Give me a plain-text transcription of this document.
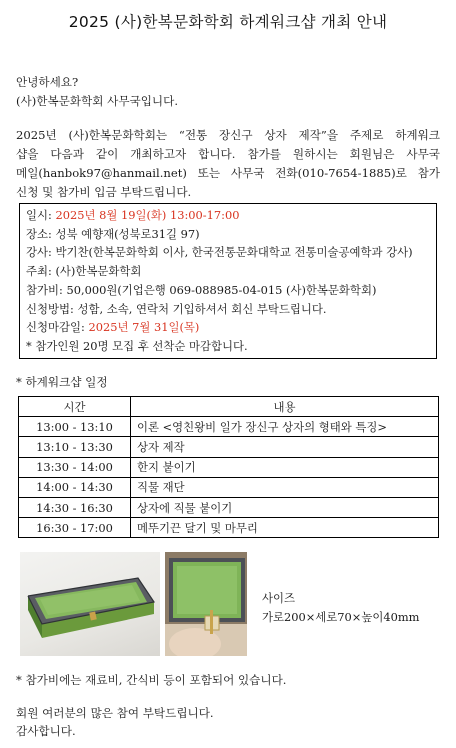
2025 (사)한복문화학회 하계워크샵 개최 안내
안녕하세요?
(사)한복문화학회 사무국입니다.
2025년 (사)한복문화학회는 “전통 장신구 상자 제작”을 주제로 하계워크
샵을 다음과 같이 개최하고자 합니다. 참가를 원하시는 회원님은 사무국
메일(hanbok97@hanmail.net) 또는 사무국 전화(010-7654-1885)로 참가
신청 및 참가비 입금 부탁드립니다.
일시: 2025년 8월 19일(화) 13:00-17:00
장소: 성북 예향재(성북로31길 97)
강사: 박기찬(한복문화학회 이사, 한국전통문화대학교 전통미술공예학과 강사)
주최: (사)한복문화학회
참가비: 50,000원(기업은행 069-088985-04-015 (사)한복문화학회)
신청방법: 성함, 소속, 연락처 기입하셔서 회신 부탁드립니다.
신청마감일: 2025년 7월 31일(목)
* 참가인원 20명 모집 후 선착순 마감합니다.
* 하계워크샵 일정
시간	내용
13:00 - 13:10	이론 <영친왕비 일가 장신구 상자의 형태와 특징>
13:10 - 13:30	상자 제작
13:30 - 14:00	한지 붙이기
14:00 - 14:30	직물 재단
14:30 - 16:30	상자에 직물 붙이기
16:30 - 17:00	메뚜기끈 달기 및 마무리
사이즈
가로200×세로70×높이40mm
* 참가비에는 재료비, 간식비 등이 포함되어 있습니다.
회원 여러분의 많은 참여 부탁드립니다.
감사합니다.
